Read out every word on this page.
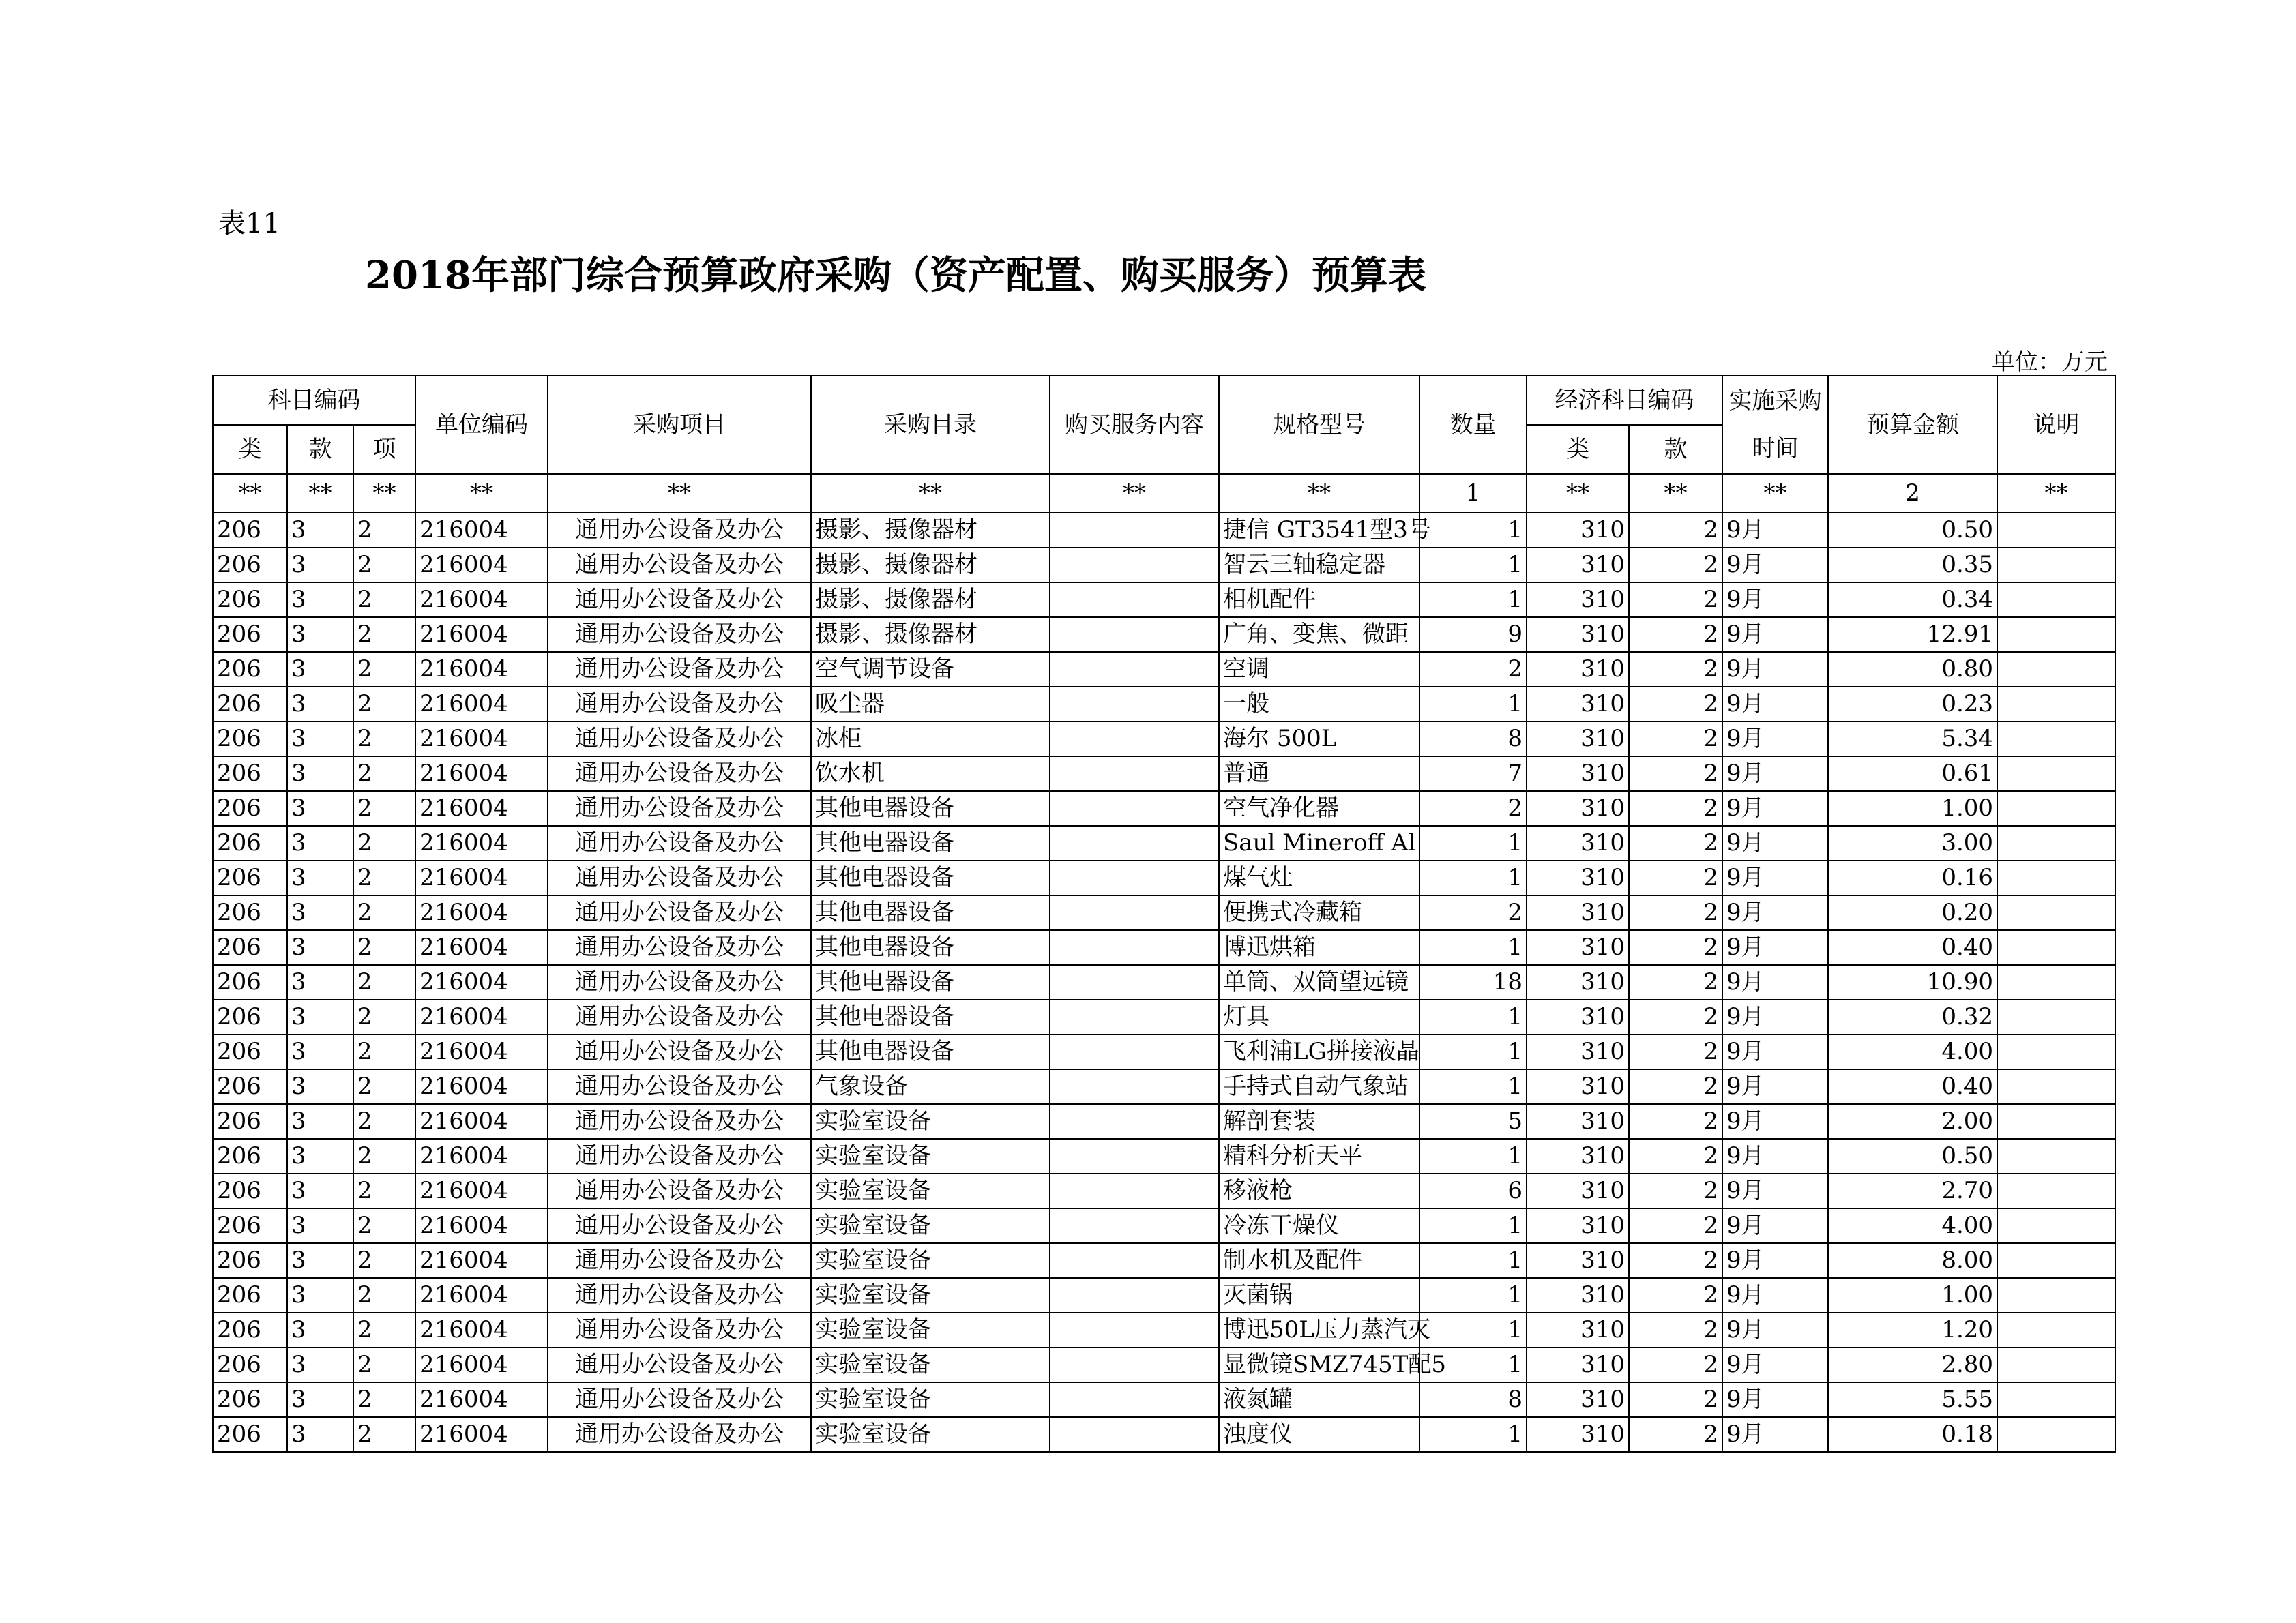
表11
2018年部门综合预算政府采购（资产配置、购买服务）预算表
单位：万元
科目编码			单位编码	采购项目	采购目录	购买服务内容	规格型号	数量	经济科目编码		实施采购时间	预算金额	说明
类	款	项							类	款			
**	**	**	**	**	**	**	**	1	**	**	**	2	**
206	3	2	216004	通用办公设备及办公	摄影、摄像器材		捷信 GT3541型3号	1	310	2	9月	0.50	
206	3	2	216004	通用办公设备及办公	摄影、摄像器材		智云三轴稳定器	1	310	2	9月	0.35	
206	3	2	216004	通用办公设备及办公	摄影、摄像器材		相机配件	1	310	2	9月	0.34	
206	3	2	216004	通用办公设备及办公	摄影、摄像器材		广角、变焦、微距	9	310	2	9月	12.91	
206	3	2	216004	通用办公设备及办公	空气调节设备		空调	2	310	2	9月	0.80	
206	3	2	216004	通用办公设备及办公	吸尘器		一般	1	310	2	9月	0.23	
206	3	2	216004	通用办公设备及办公	冰柜		海尔 500L	8	310	2	9月	5.34	
206	3	2	216004	通用办公设备及办公	饮水机		普通	7	310	2	9月	0.61	
206	3	2	216004	通用办公设备及办公	其他电器设备		空气净化器	2	310	2	9月	1.00	
206	3	2	216004	通用办公设备及办公	其他电器设备		Saul Mineroff Al	1	310	2	9月	3.00	
206	3	2	216004	通用办公设备及办公	其他电器设备		煤气灶	1	310	2	9月	0.16	
206	3	2	216004	通用办公设备及办公	其他电器设备		便携式冷藏箱	2	310	2	9月	0.20	
206	3	2	216004	通用办公设备及办公	其他电器设备		博迅烘箱	1	310	2	9月	0.40	
206	3	2	216004	通用办公设备及办公	其他电器设备		单筒、双筒望远镜	18	310	2	9月	10.90	
206	3	2	216004	通用办公设备及办公	其他电器设备		灯具	1	310	2	9月	0.32	
206	3	2	216004	通用办公设备及办公	其他电器设备		飞利浦LG拼接液晶	1	310	2	9月	4.00	
206	3	2	216004	通用办公设备及办公	气象设备		手持式自动气象站	1	310	2	9月	0.40	
206	3	2	216004	通用办公设备及办公	实验室设备		解剖套装	5	310	2	9月	2.00	
206	3	2	216004	通用办公设备及办公	实验室设备		精科分析天平	1	310	2	9月	0.50	
206	3	2	216004	通用办公设备及办公	实验室设备		移液枪	6	310	2	9月	2.70	
206	3	2	216004	通用办公设备及办公	实验室设备		冷冻干燥仪	1	310	2	9月	4.00	
206	3	2	216004	通用办公设备及办公	实验室设备		制水机及配件	1	310	2	9月	8.00	
206	3	2	216004	通用办公设备及办公	实验室设备		灭菌锅	1	310	2	9月	1.00	
206	3	2	216004	通用办公设备及办公	实验室设备		博迅50L压力蒸汽灭	1	310	2	9月	1.20	
206	3	2	216004	通用办公设备及办公	实验室设备		显微镜SMZ745T配5	1	310	2	9月	2.80	
206	3	2	216004	通用办公设备及办公	实验室设备		液氮罐	8	310	2	9月	5.55	
206	3	2	216004	通用办公设备及办公	实验室设备		浊度仪	1	310	2	9月	0.18	
